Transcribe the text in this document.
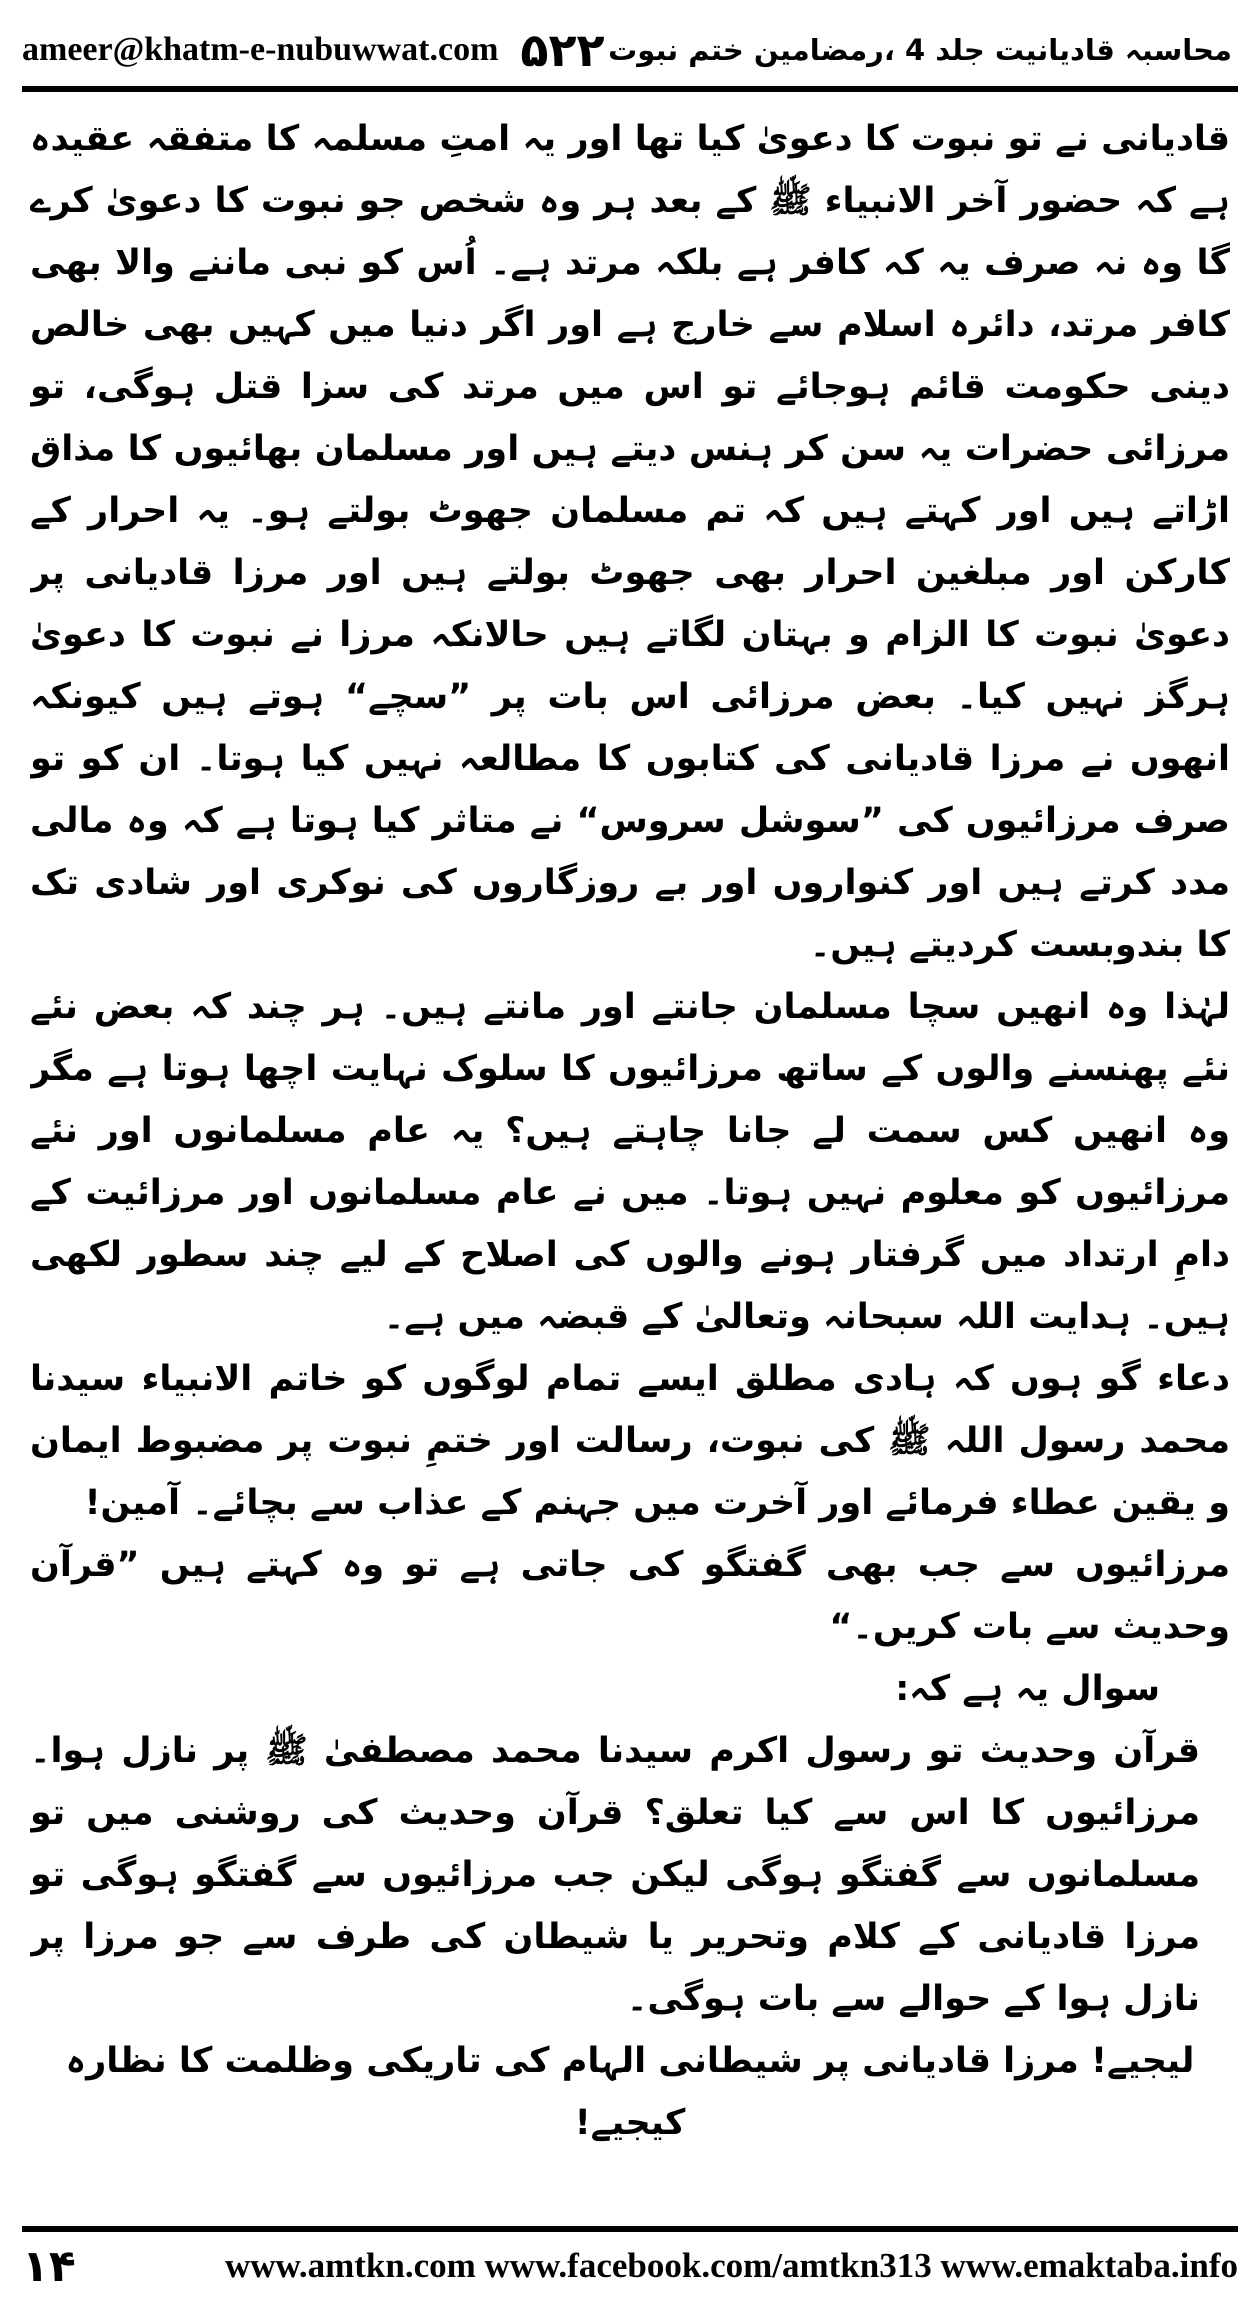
ameer@khatm-e-nubuwwat.com ۵۲۲ محاسبہ قادیانیت جلد 4 ،رمضامین ختم نبوت

قادیانی نے تو نبوت کا دعویٰ کیا تھا اور یہ امتِ مسلمہ کا متفقہ عقیدہ ہے کہ حضور آخر الانبیاء ﷺ کے بعد ہر وہ شخص جو نبوت کا دعویٰ کرے گا وہ نہ صرف یہ کہ کافر ہے بلکہ مرتد ہے۔ اُس کو نبی ماننے والا بھی کافر مرتد، دائرہ اسلام سے خارج ہے اور اگر دنیا میں کہیں بھی خالص دینی حکومت قائم ہوجائے تو اس میں مرتد کی سزا قتل ہوگی، تو مرزائی حضرات یہ سن کر ہنس دیتے ہیں اور مسلمان بھائیوں کا مذاق اڑاتے ہیں اور کہتے ہیں کہ تم مسلمان جھوٹ بولتے ہو۔ یہ احرار کے کارکن اور مبلغین احرار بھی جھوٹ بولتے ہیں اور مرزا قادیانی پر دعویٰ نبوت کا الزام و بہتان لگاتے ہیں حالانکہ مرزا نے نبوت کا دعویٰ ہرگز نہیں کیا۔ بعض مرزائی اس بات پر ”سچے“ ہوتے ہیں کیونکہ انھوں نے مرزا قادیانی کی کتابوں کا مطالعہ نہیں کیا ہوتا۔ ان کو تو صرف مرزائیوں کی ”سوشل سروس“ نے متاثر کیا ہوتا ہے کہ وہ مالی مدد کرتے ہیں اور کنواروں اور بے روزگاروں کی نوکری اور شادی تک کا بندوبست کردیتے ہیں۔

لہٰذا وہ انھیں سچا مسلمان جانتے اور مانتے ہیں۔ ہر چند کہ بعض نئے نئے پھنسنے والوں کے ساتھ مرزائیوں کا سلوک نہایت اچھا ہوتا ہے مگر وہ انھیں کس سمت لے جانا چاہتے ہیں؟ یہ عام مسلمانوں اور نئے مرزائیوں کو معلوم نہیں ہوتا۔ میں نے عام مسلمانوں اور مرزائیت کے دامِ ارتداد میں گرفتار ہونے والوں کی اصلاح کے لیے چند سطور لکھی ہیں۔ ہدایت اللہ سبحانہ وتعالیٰ کے قبضہ میں ہے۔

دعاء گو ہوں کہ ہادی مطلق ایسے تمام لوگوں کو خاتم الانبیاء سیدنا محمد رسول اللہ ﷺ کی نبوت، رسالت اور ختمِ نبوت پر مضبوط ایمان و یقین عطاء فرمائے اور آخرت میں جہنم کے عذاب سے بچائے۔ آمین!

مرزائیوں سے جب بھی گفتگو کی جاتی ہے تو وہ کہتے ہیں ”قرآن وحدیث سے بات کریں۔“

سوال یہ ہے کہ:

قرآن وحدیث تو رسول اکرم سیدنا محمد مصطفیٰ ﷺ پر نازل ہوا۔ مرزائیوں کا اس سے کیا تعلق؟ قرآن وحدیث کی روشنی میں تو مسلمانوں سے گفتگو ہوگی لیکن جب مرزائیوں سے گفتگو ہوگی تو مرزا قادیانی کے کلام وتحریر یا شیطان کی طرف سے جو مرزا پر نازل ہوا کے حوالے سے بات ہوگی۔

لیجیے! مرزا قادیانی پر شیطانی الہام کی تاریکی وظلمت کا نظارہ کیجیے!

۱۴	www.amtkn.com www.facebook.com/amtkn313 www.emaktaba.info
